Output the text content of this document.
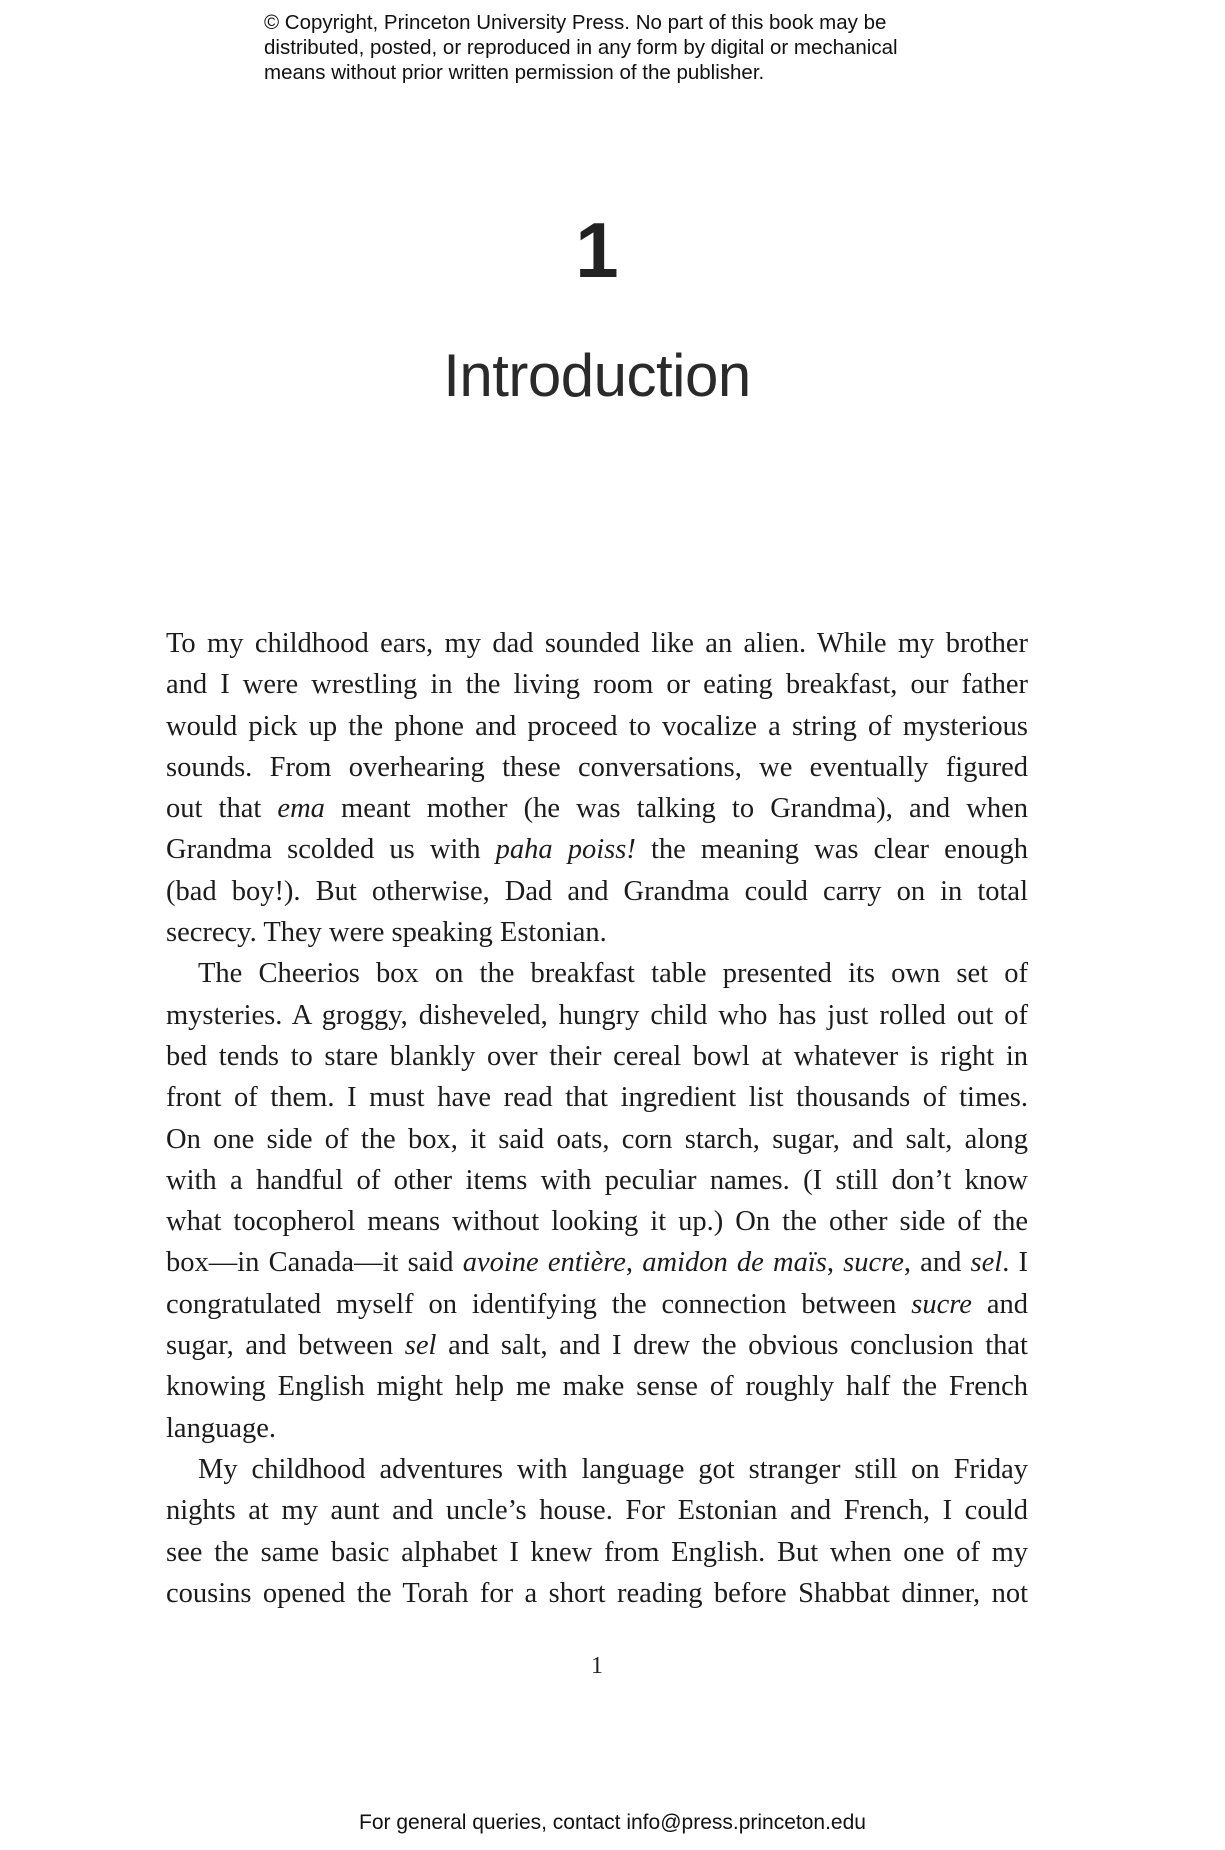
© Copyright, Princeton University Press. No part of this book may be
distributed, posted, or reproduced in any form by digital or mechanical
means without prior written permission of the publisher.
1
Introduction
To my childhood ears, my dad sounded like an alien. While my brother
and I were wrestling in the living room or eating breakfast, our father
would pick up the phone and proceed to vocalize a string of mysterious
sounds. From overhearing these conversations, we eventually figured
out that ema meant mother (he was talking to Grandma), and when
Grandma scolded us with paha poiss! the meaning was clear enough
(bad boy!). But otherwise, Dad and Grandma could carry on in total
secrecy. They were speaking Estonian.
The Cheerios box on the breakfast table presented its own set of
mysteries. A groggy, disheveled, hungry child who has just rolled out of
bed tends to stare blankly over their cereal bowl at whatever is right in
front of them. I must have read that ingredient list thousands of times.
On one side of the box, it said oats, corn starch, sugar, and salt, along
with a handful of other items with peculiar names. (I still don’t know
what tocopherol means without looking it up.) On the other side of the
box—in Canada—it said avoine entière, amidon de maïs, sucre, and sel. I
congratulated myself on identifying the connection between sucre and
sugar, and between sel and salt, and I drew the obvious conclusion that
knowing English might help me make sense of roughly half the French
language.
My childhood adventures with language got stranger still on Friday
nights at my aunt and uncle’s house. For Estonian and French, I could
see the same basic alphabet I knew from English. But when one of my
cousins opened the Torah for a short reading before Shabbat dinner, not
1
For general queries, contact info@press.princeton.edu
